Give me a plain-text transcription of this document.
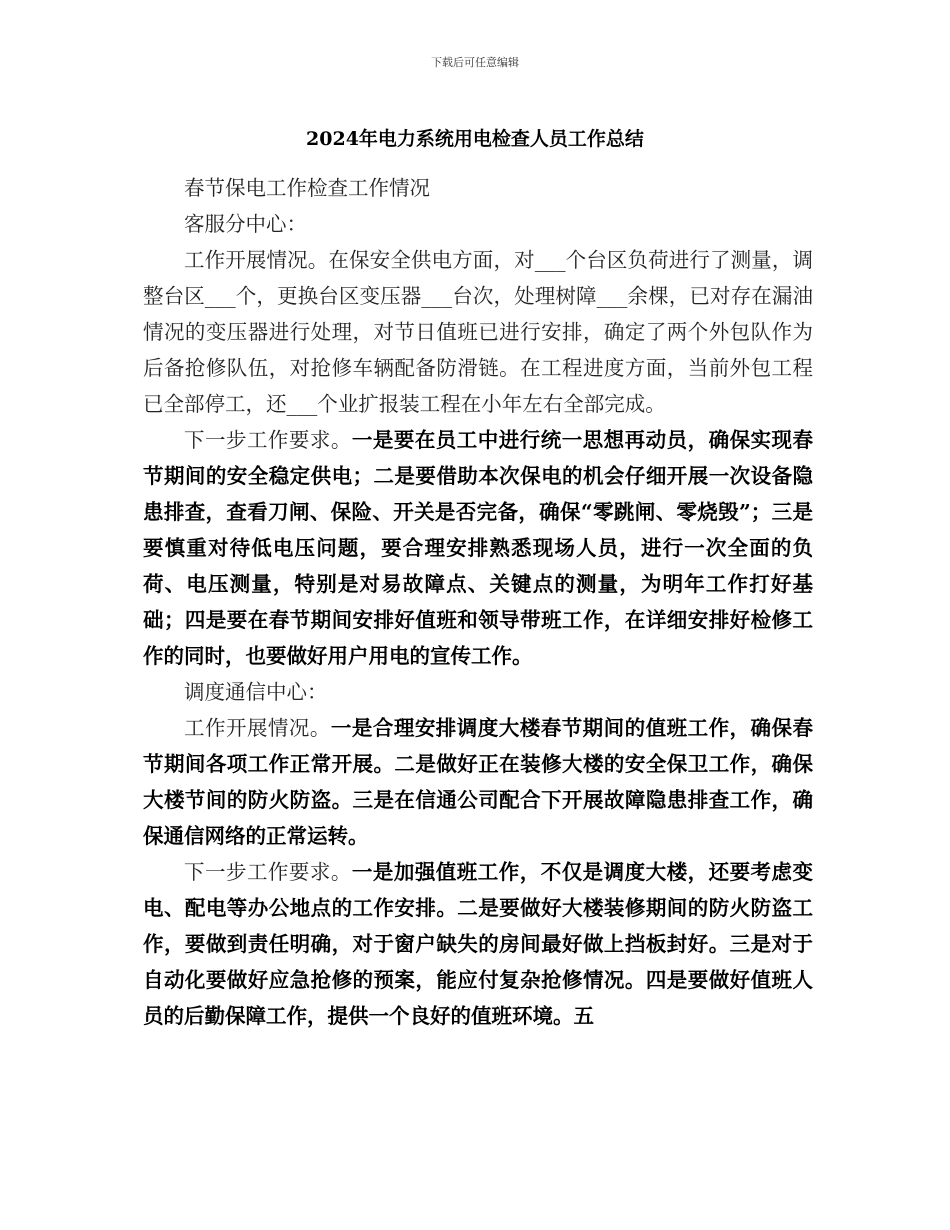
下载后可任意编辑
2024年电力系统用电检查人员工作总结

春节保电工作检查工作情况

客服分中心：

工作开展情况。在保安全供电方面，对___个台区负荷进行了测量，调整台区___个，更换台区变压器___台次，处理树障___余棵，已对存在漏油情况的变压器进行处理，对节日值班已进行安排，确定了两个外包队作为后备抢修队伍，对抢修车辆配备防滑链。在工程进度方面，当前外包工程已全部停工，还___个业扩报装工程在小年左右全部完成。

下一步工作要求。一是要在员工中进行统一思想再动员，确保实现春节期间的安全稳定供电；二是要借助本次保电的机会仔细开展一次设备隐患排查，查看刀闸、保险、开关是否完备，确保“零跳闸、零烧毁”；三是要慎重对待低电压问题，要合理安排熟悉现场人员，进行一次全面的负荷、电压测量，特别是对易故障点、关键点的测量，为明年工作打好基础；四是要在春节期间安排好值班和领导带班工作，在详细安排好检修工作的同时，也要做好用户用电的宣传工作。

调度通信中心：

工作开展情况。一是合理安排调度大楼春节期间的值班工作，确保春节期间各项工作正常开展。二是做好正在装修大楼的安全保卫工作，确保大楼节间的防火防盗。三是在信通公司配合下开展故障隐患排查工作，确保通信网络的正常运转。

下一步工作要求。一是加强值班工作，不仅是调度大楼，还要考虑变电、配电等办公地点的工作安排。二是要做好大楼装修期间的防火防盗工作，要做到责任明确，对于窗户缺失的房间最好做上挡板封好。三是对于自动化要做好应急抢修的预案，能应付复杂抢修情况。四是要做好值班人员的后勤保障工作，提供一个良好的值班环境。五
